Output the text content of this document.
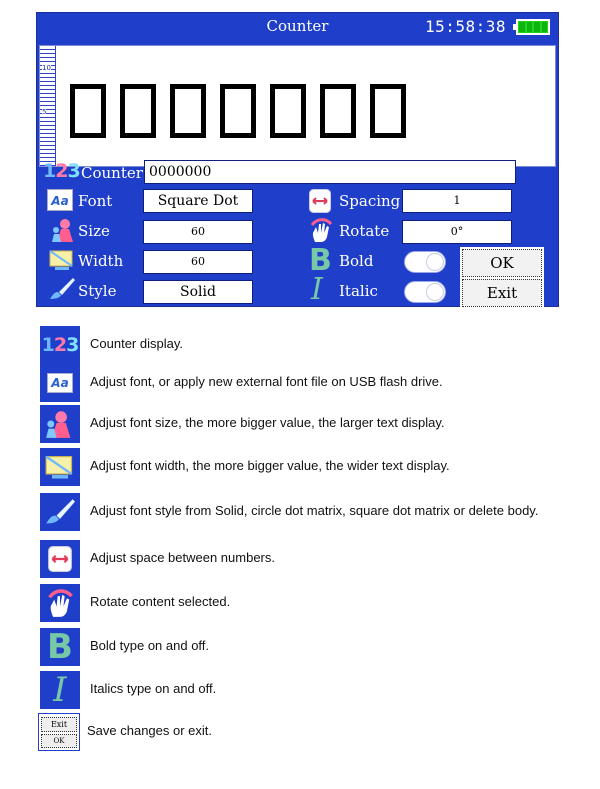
Counter	15:58:38
10
5
123 Counter 0000000
Aa Font	Square Dot
Size	60
Width	60
Style	Solid
Spacing	1
Rotate	0°
B Bold
I Italic
OK
Exit
123 Counter display.
Aa	Adjust font, or apply new external font file on USB flash drive.
Adjust font size, the more bigger value, the larger text display.
Adjust font width, the more bigger value, the wider text display.
Adjust font style from Solid, circle dot matrix, square dot matrix or delete body.
Adjust space between numbers.
Rotate content selected.
B Bold type on and off.
I Italics type on and off.
Exit
OK
Save changes or exit.
